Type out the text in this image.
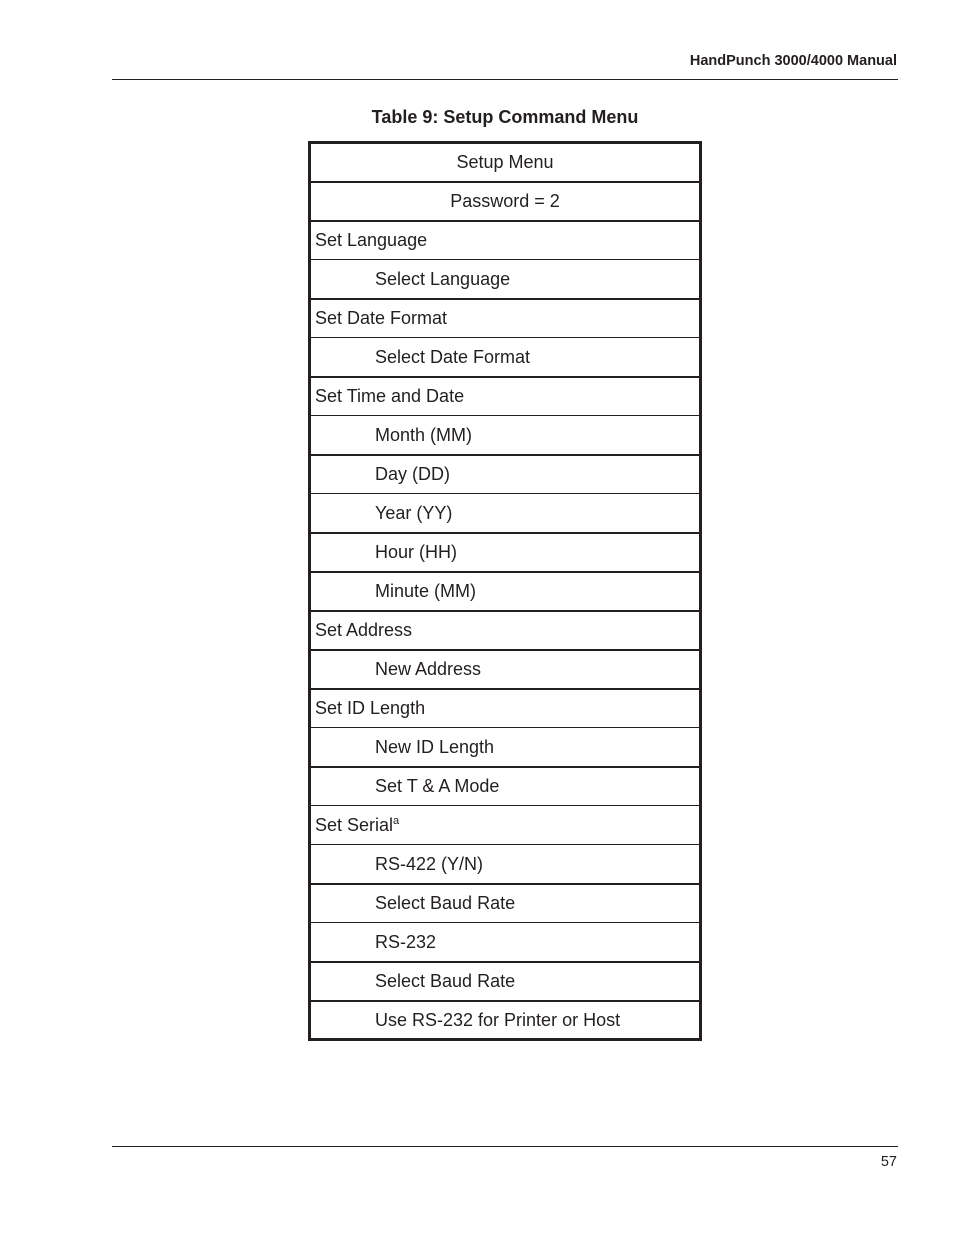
HandPunch 3000/4000 Manual
Table 9: Setup Command Menu
Setup Menu
Password = 2
Set Language
Select Language
Set Date Format
Select Date Format
Set Time and Date
Month (MM)
Day (DD)
Year (YY)
Hour (HH)
Minute (MM)
Set Address
New Address
Set ID Length
New ID Length
Set T & A Mode
Set Serial$^a$
RS-422 (Y/N)
Select Baud Rate
RS-232
Select Baud Rate
Use RS-232 for Printer or Host
57
